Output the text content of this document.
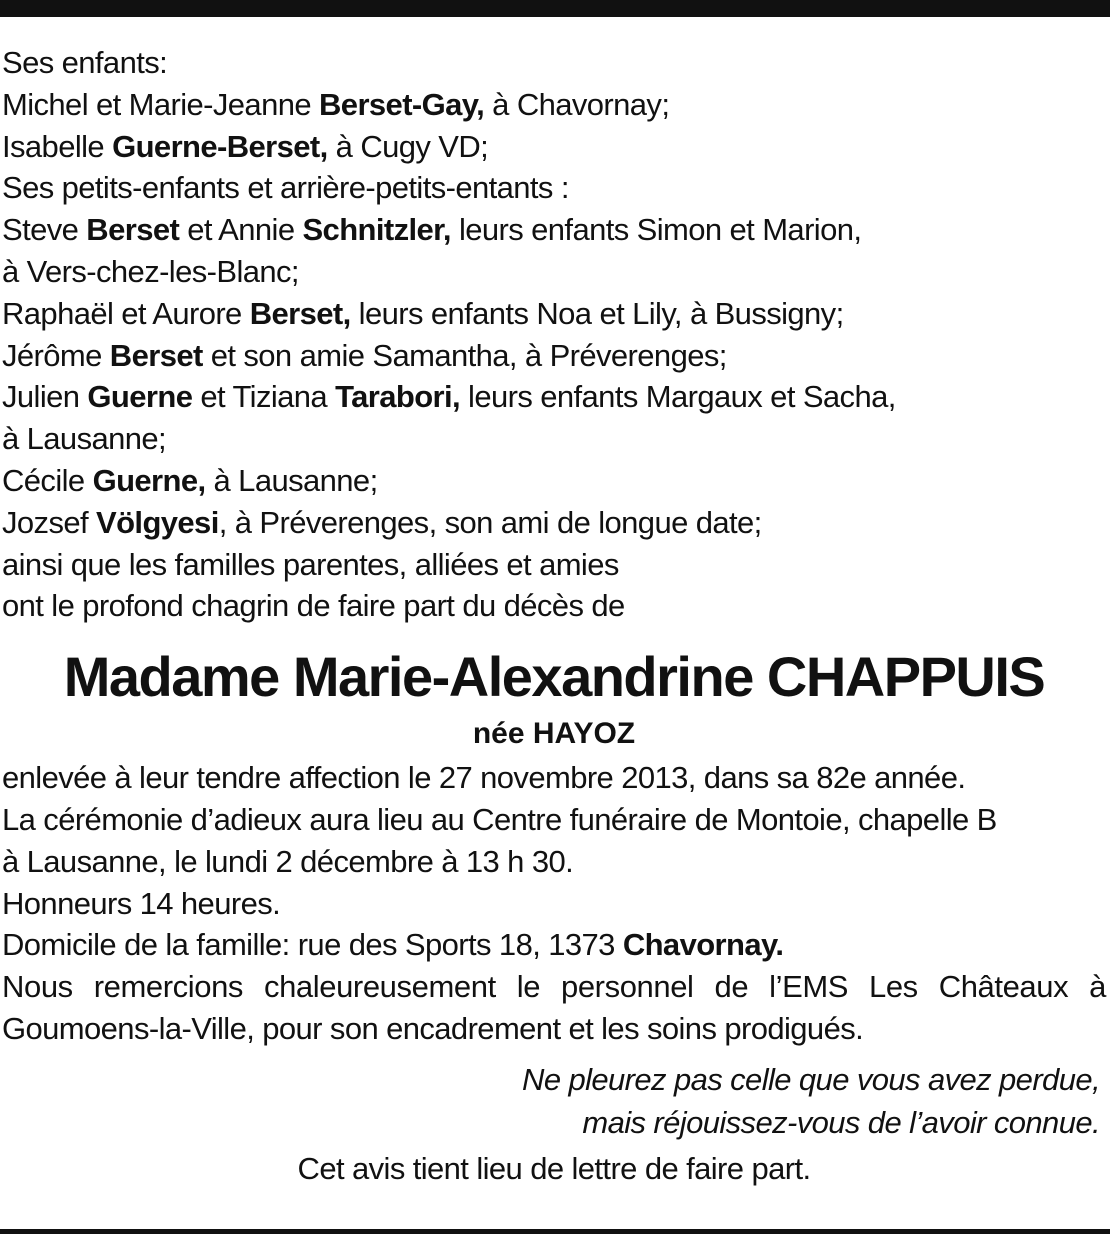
Ses enfants:
Michel et Marie-Jeanne Berset-Gay, à Chavornay;
Isabelle Guerne-Berset, à Cugy VD;
Ses petits-enfants et arrière-petits-entants :
Steve Berset et Annie Schnitzler, leurs enfants Simon et Marion,
à Vers-chez-les-Blanc;
Raphaël et Aurore Berset, leurs enfants Noa et Lily, à Bussigny;
Jérôme Berset et son amie Samantha, à Préverenges;
Julien Guerne et Tiziana Tarabori, leurs enfants Margaux et Sacha,
à Lausanne;
Cécile Guerne, à Lausanne;
Jozsef Völgyesi, à Préverenges, son ami de longue date;
ainsi que les familles parentes, alliées et amies
ont le profond chagrin de faire part du décès de
Madame Marie-Alexandrine CHAPPUIS
née HAYOZ
enlevée à leur tendre affection le 27 novembre 2013, dans sa 82e année.
La cérémonie d’adieux aura lieu au Centre funéraire de Montoie, chapelle B
à Lausanne, le lundi 2 décembre à 13 h 30.
Honneurs 14 heures.
Domicile de la famille: rue des Sports 18, 1373 Chavornay.
Nous remercions chaleureusement le personnel de l’EMS Les Châteaux à
Goumoens-la-Ville, pour son encadrement et les soins prodigués.
Ne pleurez pas celle que vous avez perdue,
mais réjouissez-vous de l’avoir connue.
Cet avis tient lieu de lettre de faire part.
